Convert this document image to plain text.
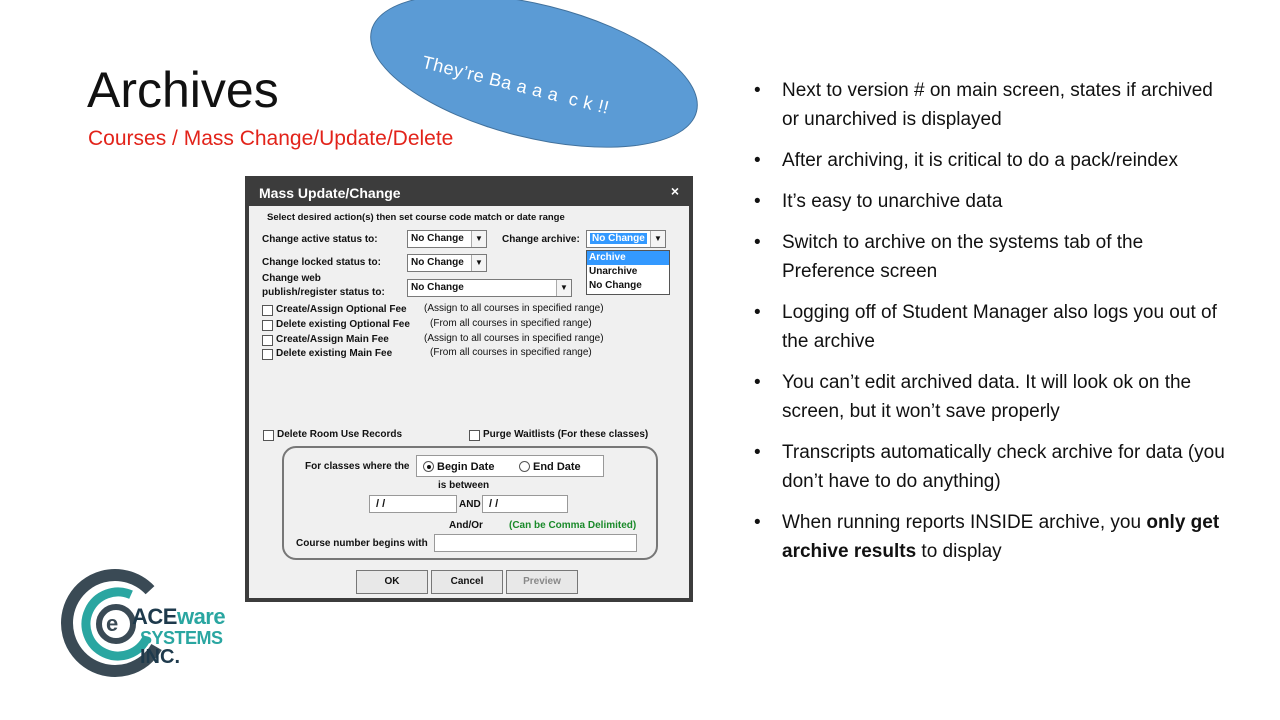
Archives
Courses / Mass Change/Update/Delete
They’re Ba a a a  c k !!
•	Next to version # on main screen, states if archived or unarchived is displayed
• After archiving, it is critical to do a pack/reindex
• It’s easy to unarchive data
• Switch to archive on the systems tab of the Preference screen
• Logging off of Student Manager also logs you out of the archive
• You can’t edit archived data. It will look ok on the screen, but it won’t save properly
• Transcripts automatically check archive for data (you don’t have to do anything)
• When running reports INSIDE archive, you only get archive results to display
Mass Update/Change	×
Select desired action(s) then set course code match or date range
Change active status to:	No Change	▼	Change archive:	No Change	▼
Archive
Unarchive
No Change
Change locked status to:	No Change	▼
Change web
publish/register status to:	No Change	▼
Create/Assign Optional Fee (Assign to all courses in specified range)
Delete existing Optional Fee (From all courses in specified range)
Create/Assign Main Fee	(Assign to all courses in specified range)
Delete existing Main Fee	(From all courses in specified range)
Delete Room Use Records	Purge Waitlists (For these classes)
For classes where the	Begin Date	End Date
is between
/ /	AND / /
And/Or	(Can be Comma Delimited)
Course number begins with
OK	Cancel	Preview
e ACEware
SYSTEMS
INC.
